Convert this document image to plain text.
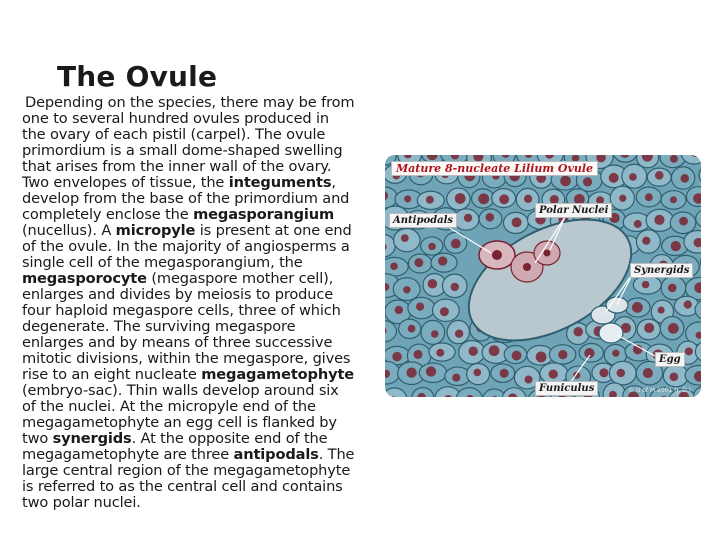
The Ovule
Depending on the species, there may be from
one to several hundred ovules produced in
the ovary of each pistil (carpel). The ovule
primordium is a small dome-shaped swelling
that arises from the inner wall of the ovary.
Two envelopes of tissue, the integuments,
develop from the base of the primordium and
completely enclose the megasporangium
(nucellus). A micropyle is present at one end
of the ovule. In the majority of angiosperms a
single cell of the megasporangium, the
megasporocyte (megaspore mother cell),
enlarges and divides by meiosis to produce
four haploid megaspore cells, three of which
degenerate. The surviving megaspore
enlarges and by means of three successive
mitotic divisions, within the megaspore, gives
rise to an eight nucleate megagametophyte
(embryo-sac). Thin walls develop around six
of the nuclei. At the micropyle end of the
megagametophyte an egg cell is flanked by
two synergids. At the opposite end of the
megagametophyte are three antipodals. The
large central region of the megagametophyte
is referred to as the central cell and contains
two polar nuclei.
Mature 8-nucleate Lilium Ovule
Antipodals
Polar Nuclei
Synergids
Egg
Funiculus	© U of M 2001 (J. D.)
